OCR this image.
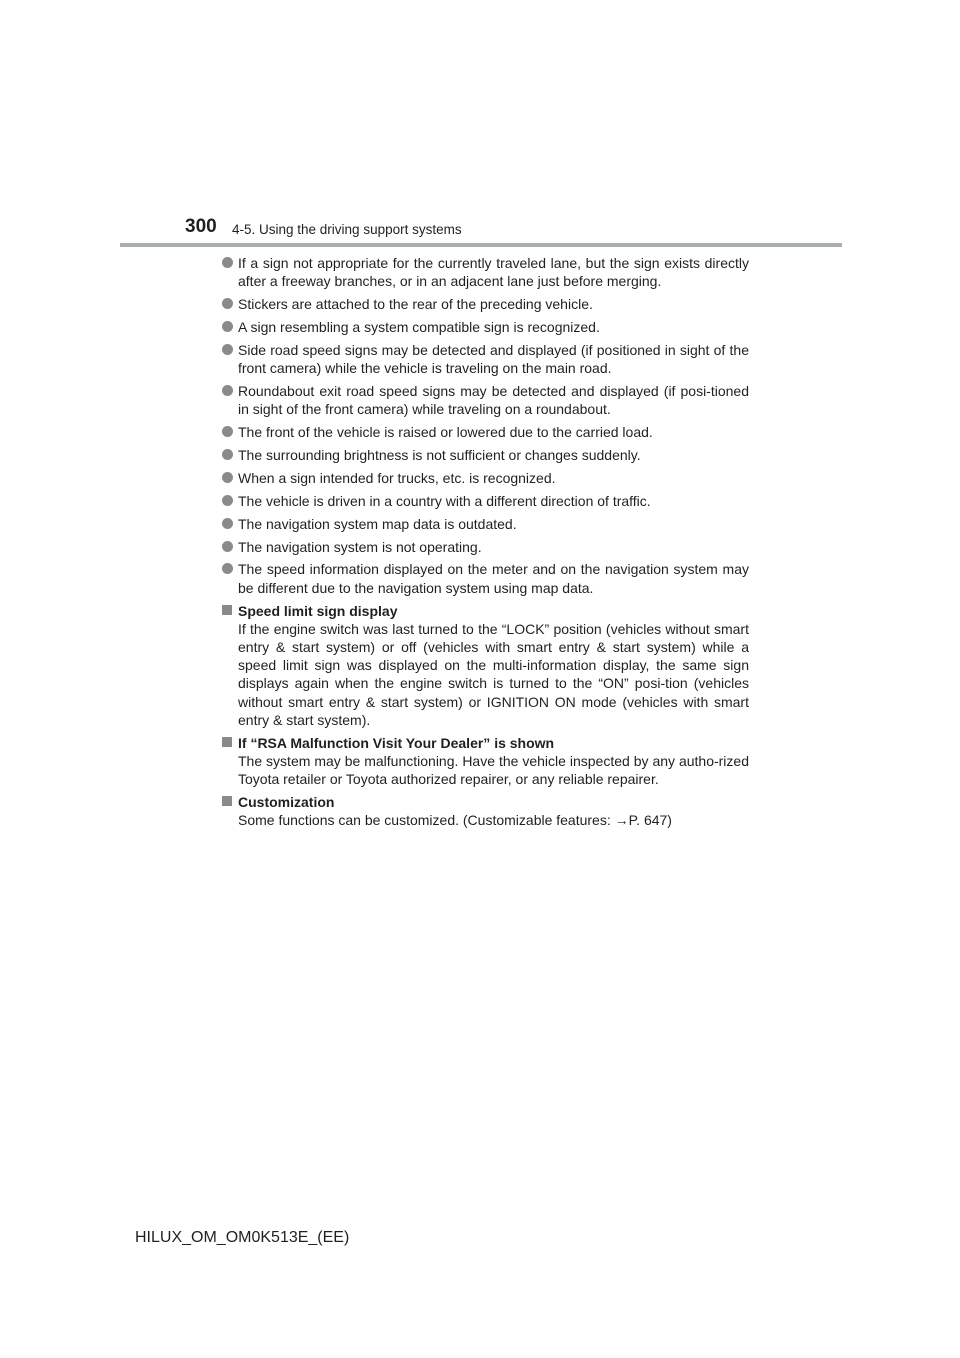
300 4-5. Using the driving support systems
If a sign not appropriate for the currently traveled lane, but the sign exists directly after a freeway branches, or in an adjacent lane just before merging.
Stickers are attached to the rear of the preceding vehicle.
A sign resembling a system compatible sign is recognized.
Side road speed signs may be detected and displayed (if positioned in sight of the front camera) while the vehicle is traveling on the main road.
Roundabout exit road speed signs may be detected and displayed (if posi-tioned in sight of the front camera) while traveling on a roundabout.
The front of the vehicle is raised or lowered due to the carried load.
The surrounding brightness is not sufficient or changes suddenly.
When a sign intended for trucks, etc. is recognized.
The vehicle is driven in a country with a different direction of traffic.
The navigation system map data is outdated.
The navigation system is not operating.
The speed information displayed on the meter and on the navigation system may be different due to the navigation system using map data.
Speed limit sign display
If the engine switch was last turned to the “LOCK” position (vehicles without smart entry & start system) or off (vehicles with smart entry & start system) while a speed limit sign was displayed on the multi-information display, the same sign displays again when the engine switch is turned to the “ON” posi-tion (vehicles without smart entry & start system) or IGNITION ON mode (vehicles with smart entry & start system).
If “RSA Malfunction Visit Your Dealer” is shown
The system may be malfunctioning. Have the vehicle inspected by any autho-rized Toyota retailer or Toyota authorized repairer, or any reliable repairer.
Customization
Some functions can be customized. (Customizable features: →P. 647)
HILUX_OM_OM0K513E_(EE)
